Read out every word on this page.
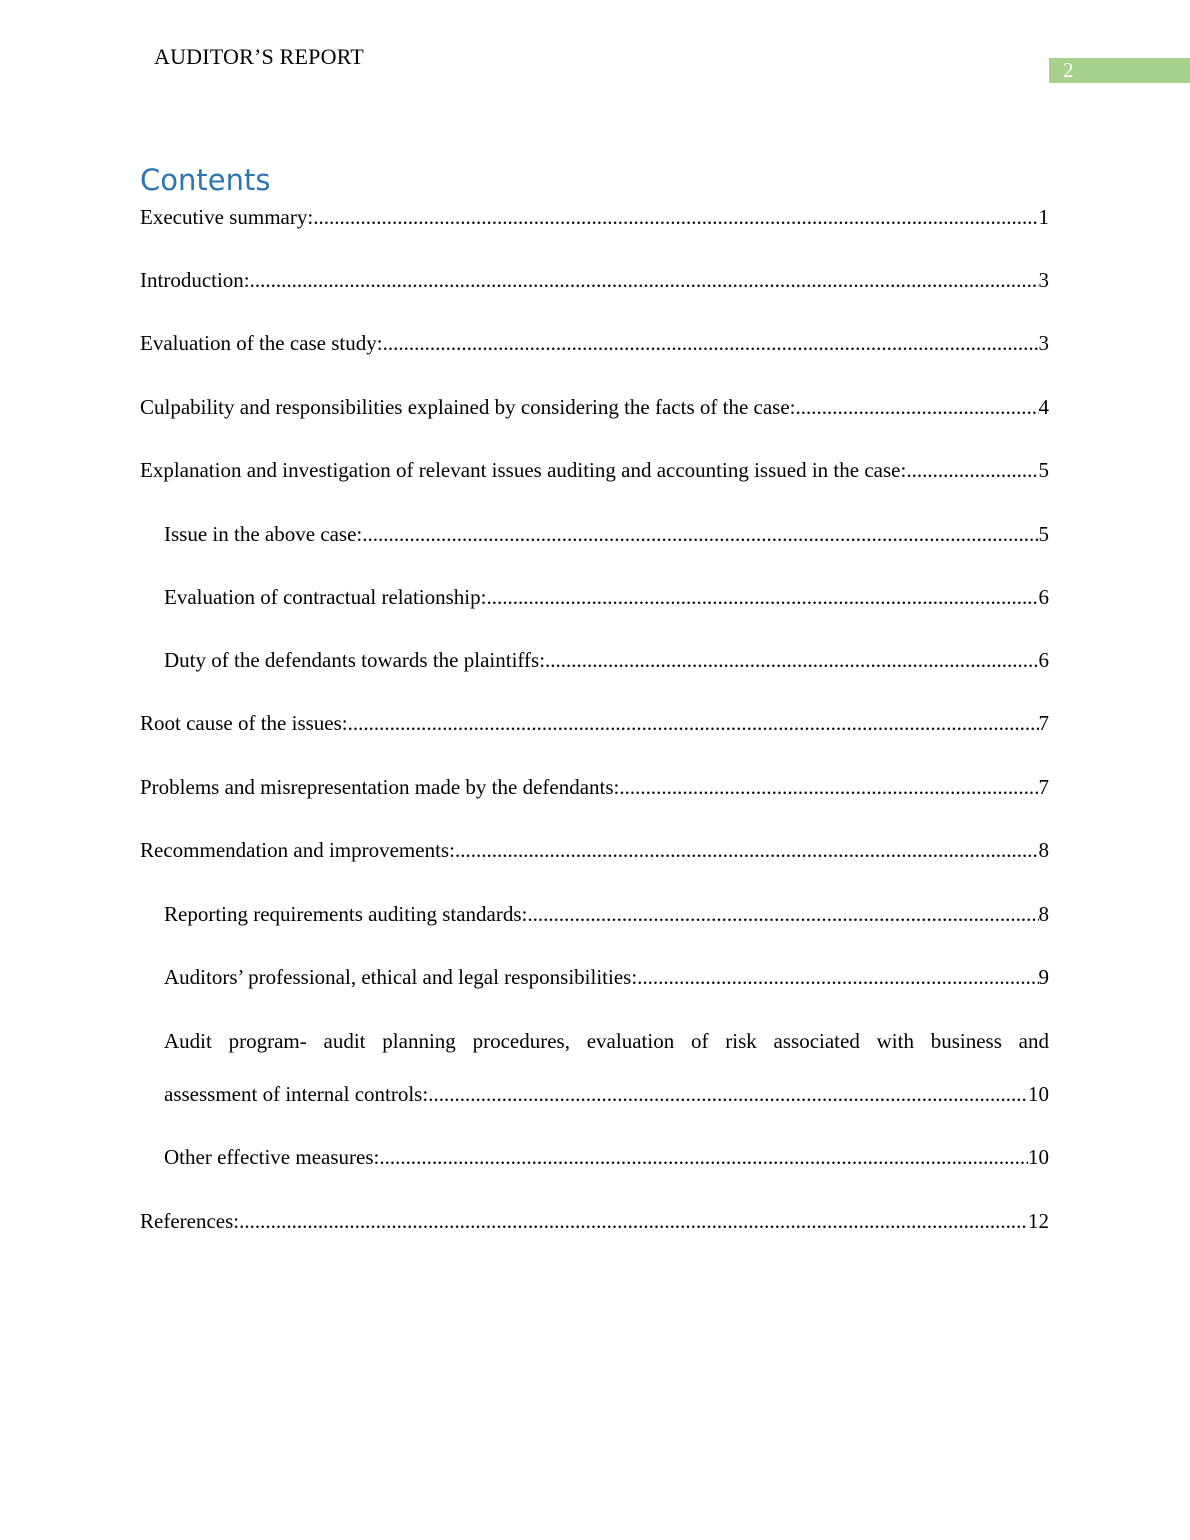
AUDITOR’S REPORT
2
Contents
Executive summary: .....	1
Introduction: .....	3
Evaluation of the case study: .....	3
Culpability and responsibilities explained by considering the facts of the case: .....	4
Explanation and investigation of relevant issues auditing and accounting issued in the case: .....	5
Issue in the above case: .....	5
Evaluation of contractual relationship: .....	6
Duty of the defendants towards the plaintiffs: .....	6
Root cause of the issues: .....	7
Problems and misrepresentation made by the defendants: .....	7
Recommendation and improvements: .....	8
Reporting requirements auditing standards: .....	8
Auditors’ professional, ethical and legal responsibilities: .....	9
Audit program- audit planning procedures, evaluation of risk associated with business and
assessment of internal controls: .....	10
Other effective measures: .....	10
References: .....	12
